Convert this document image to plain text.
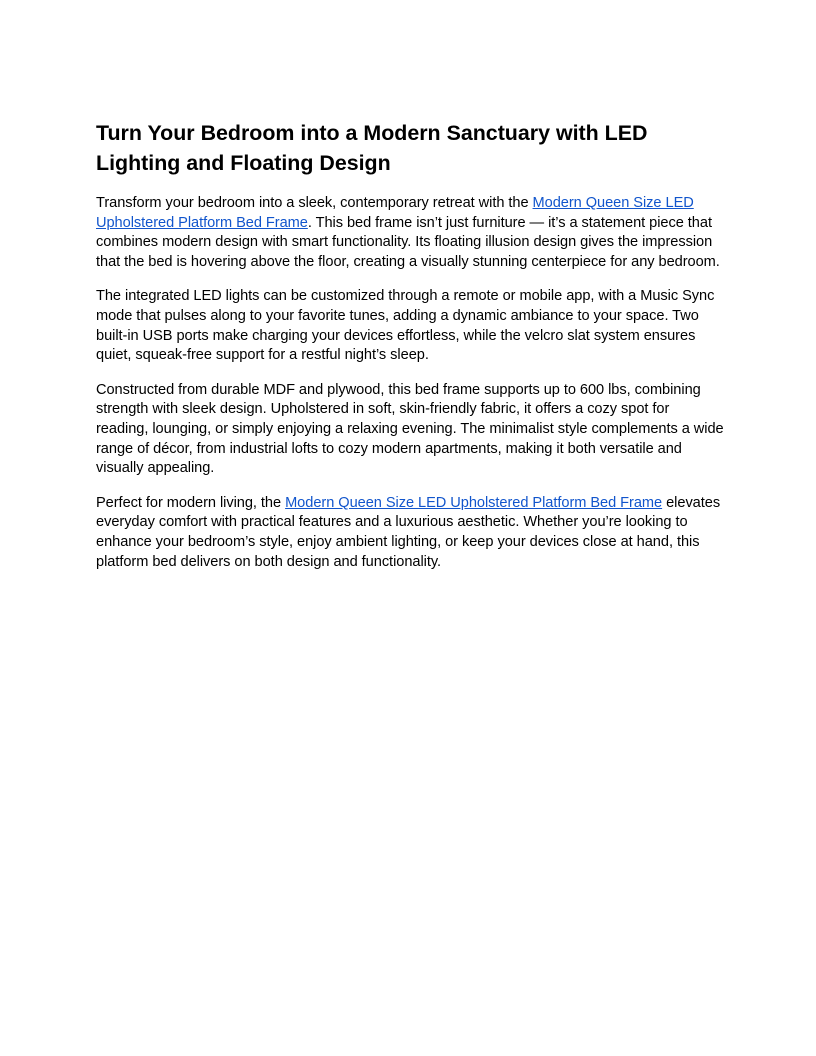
Turn Your Bedroom into a Modern Sanctuary with LED Lighting and Floating Design

Transform your bedroom into a sleek, contemporary retreat with the Modern Queen Size LED Upholstered Platform Bed Frame. This bed frame isn’t just furniture — it’s a statement piece that combines modern design with smart functionality. Its floating illusion design gives the impression that the bed is hovering above the floor, creating a visually stunning centerpiece for any bedroom.

The integrated LED lights can be customized through a remote or mobile app, with a Music Sync mode that pulses along to your favorite tunes, adding a dynamic ambiance to your space. Two built-in USB ports make charging your devices effortless, while the velcro slat system ensures quiet, squeak-free support for a restful night’s sleep.

Constructed from durable MDF and plywood, this bed frame supports up to 600 lbs, combining strength with sleek design. Upholstered in soft, skin-friendly fabric, it offers a cozy spot for reading, lounging, or simply enjoying a relaxing evening. The minimalist style complements a wide range of décor, from industrial lofts to cozy modern apartments, making it both versatile and visually appealing.

Perfect for modern living, the Modern Queen Size LED Upholstered Platform Bed Frame elevates everyday comfort with practical features and a luxurious aesthetic. Whether you’re looking to enhance your bedroom’s style, enjoy ambient lighting, or keep your devices close at hand, this platform bed delivers on both design and functionality.
